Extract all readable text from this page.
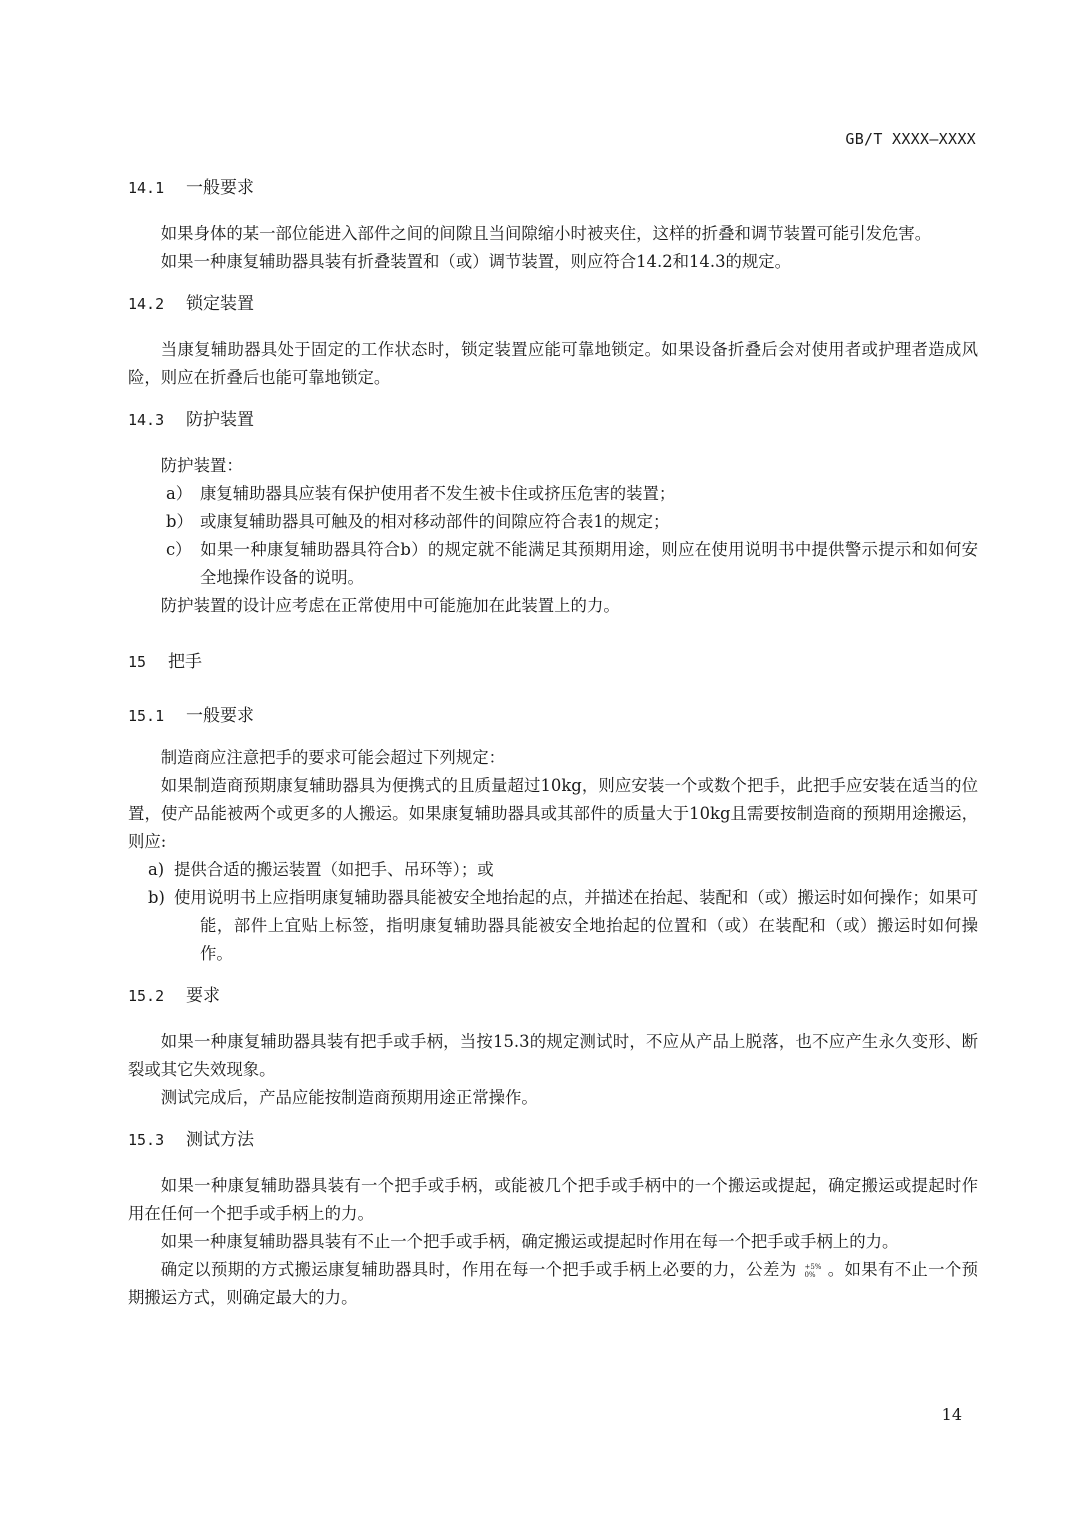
GB/T XXXX—XXXX

14.1 一般要求

如果身体的某一部位能进入部件之间的间隙且当间隙缩小时被夹住，这样的折叠和调节装置可能引发危害。

如果一种康复辅助器具装有折叠装置和（或）调节装置，则应符合14.2和14.3的规定。

14.2 锁定装置

当康复辅助器具处于固定的工作状态时，锁定装置应能可靠地锁定。如果设备折叠后会对使用者或护理者造成风险，则应在折叠后也能可靠地锁定。

14.3 防护装置

防护装置：

a） 康复辅助器具应装有保护使用者不发生被卡住或挤压危害的装置；

b） 或康复辅助器具可触及的相对移动部件的间隙应符合表1的规定；

c） 如果一种康复辅助器具符合b）的规定就不能满足其预期用途，则应在使用说明书中提供警示提示和如何安全地操作设备的说明。

防护装置的设计应考虑在正常使用中可能施加在此装置上的力。

15 把手

15.1 一般要求

制造商应注意把手的要求可能会超过下列规定：

如果制造商预期康复辅助器具为便携式的且质量超过10kg，则应安装一个或数个把手，此把手应安装在适当的位置，使产品能被两个或更多的人搬运。如果康复辅助器具或其部件的质量大于10kg且需要按制造商的预期用途搬运，则应:

a) 提供合适的搬运装置（如把手、吊环等）；或

b) 使用说明书上应指明康复辅助器具能被安全地抬起的点，并描述在抬起、装配和（或）搬运时如何操作；如果可能，部件上宜贴上标签，指明康复辅助器具能被安全地抬起的位置和（或）在装配和（或）搬运时如何操作。

15.2 要求

如果一种康复辅助器具装有把手或手柄，当按15.3的规定测试时，不应从产品上脱落，也不应产生永久变形、断裂或其它失效现象。

测试完成后，产品应能按制造商预期用途正常操作。

15.3 测试方法

如果一种康复辅助器具装有一个把手或手柄，或能被几个把手或手柄中的一个搬运或提起，确定搬运或提起时作用在任何一个把手或手柄上的力。

如果一种康复辅助器具装有不止一个把手或手柄，确定搬运或提起时作用在每一个把手或手柄上的力。

确定以预期的方式搬运康复辅助器具时，作用在每一个把手或手柄上必要的力，公差为 +5%
0% 。如果有不止一个预期搬运方式，则确定最大的力。

14
